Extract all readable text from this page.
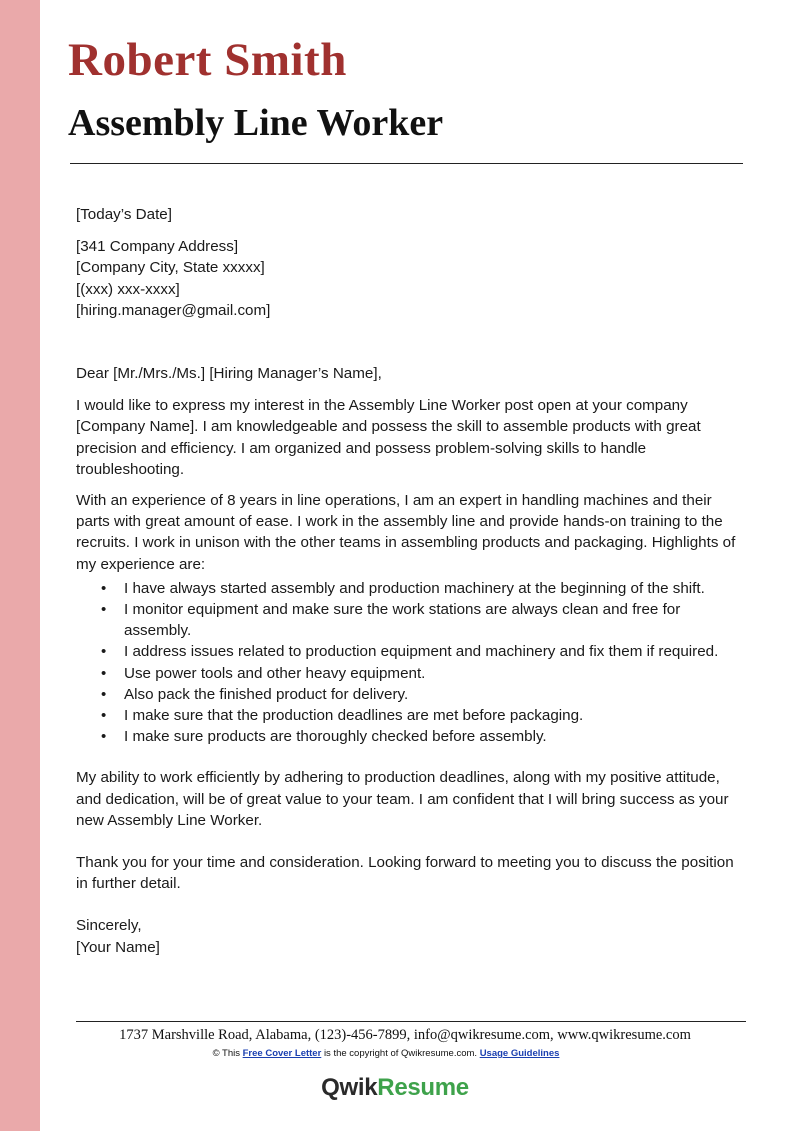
Robert Smith
Assembly Line Worker

[Today’s Date]

[341 Company Address]

[Company City, State xxxxx]

[(xxx) xxx-xxxx]

[hiring.manager@gmail.com]

Dear [Mr./Mrs./Ms.] [Hiring Manager’s Name],

I would like to express my interest in the Assembly Line Worker post open at your company [Company Name]. I am knowledgeable and possess the skill to assemble products with great precision and efficiency. I am organized and possess problem-solving skills to handle troubleshooting.

With an experience of 8 years in line operations, I am an expert in handling machines and their parts with great amount of ease. I work in the assembly line and provide hands-on training to the recruits. I work in unison with the other teams in assembling products and packaging. Highlights of my experience are:

• I have always started assembly and production machinery at the beginning of the shift.
• I monitor equipment and make sure the work stations are always clean and free for assembly.
• I address issues related to production equipment and machinery and fix them if required.
• Use power tools and other heavy equipment.
• Also pack the finished product for delivery.
• I make sure that the production deadlines are met before packaging.
• I make sure products are thoroughly checked before assembly.

My ability to work efficiently by adhering to production deadlines, along with my positive attitude, and dedication, will be of great value to your team. I am confident that I will bring success as your new Assembly Line Worker.

Thank you for your time and consideration. Looking forward to meeting you to discuss the position in further detail.

Sincerely,

[Your Name]

1737 Marshville Road, Alabama, (123)-456-7899, info@qwikresume.com, www.qwikresume.com
© This Free Cover Letter is the copyright of Qwikresume.com. Usage Guidelines
QwikResume
